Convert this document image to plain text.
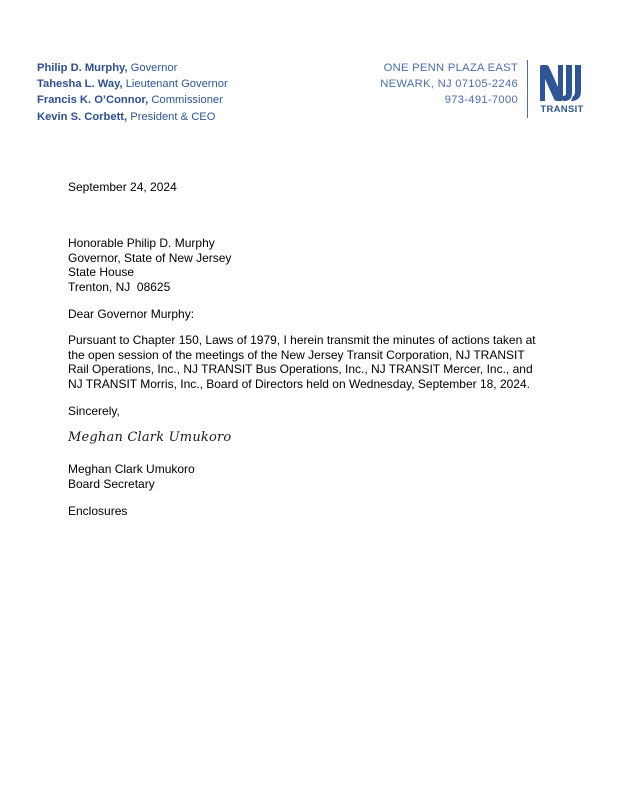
Philip D. Murphy, Governor
Tahesha L. Way, Lieutenant Governor
Francis K. O’Connor, Commissioner
Kevin S. Corbett, President & CEO
ONE PENN PLAZA EAST
NEWARK, NJ 07105-2246
973-491-7000
TRANSIT
September 24, 2024
Honorable Philip D. Murphy
Governor, State of New Jersey
State House
Trenton, NJ  08625
Dear Governor Murphy:
Pursuant to Chapter 150, Laws of 1979, I herein transmit the minutes of actions taken at
the open session of the meetings of the New Jersey Transit Corporation, NJ TRANSIT
Rail Operations, Inc., NJ TRANSIT Bus Operations, Inc., NJ TRANSIT Mercer, Inc., and
NJ TRANSIT Morris, Inc., Board of Directors held on Wednesday, September 18, 2024.
Sincerely,
Meghan Clark Umukoro
Meghan Clark Umukoro
Board Secretary
Enclosures
